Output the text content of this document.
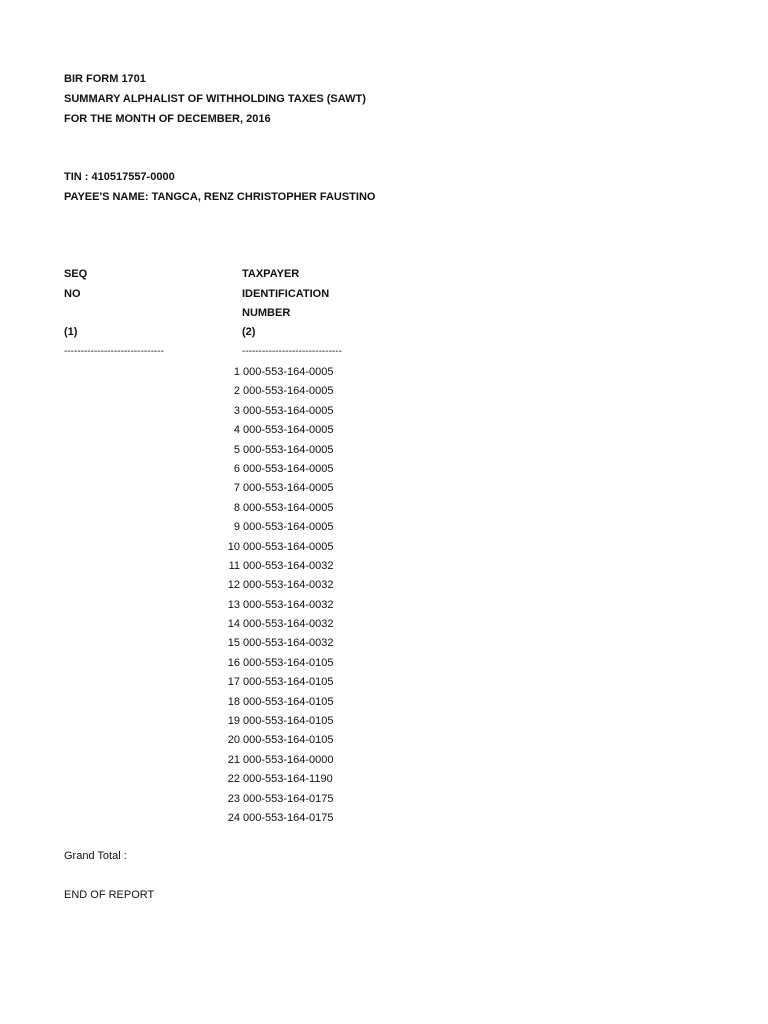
BIR FORM 1701
SUMMARY ALPHALIST OF WITHHOLDING TAXES (SAWT)
FOR THE MONTH OF DECEMBER, 2016
TIN : 410517557-0000
PAYEE'S NAME: TANGCA, RENZ CHRISTOPHER FAUSTINO
SEQ
NO
(1)
TAXPAYER
IDENTIFICATION
NUMBER
(2)
------------------------------	------------------------------
1 000-553-164-0005
2 000-553-164-0005
3 000-553-164-0005
4 000-553-164-0005
5 000-553-164-0005
6 000-553-164-0005
7 000-553-164-0005
8 000-553-164-0005
9 000-553-164-0005
10 000-553-164-0005
11 000-553-164-0032
12 000-553-164-0032
13 000-553-164-0032
14 000-553-164-0032
15 000-553-164-0032
16 000-553-164-0105
17 000-553-164-0105
18 000-553-164-0105
19 000-553-164-0105
20 000-553-164-0105
21 000-553-164-0000
22 000-553-164-1190
23 000-553-164-0175
24 000-553-164-0175
Grand Total :
END OF REPORT
